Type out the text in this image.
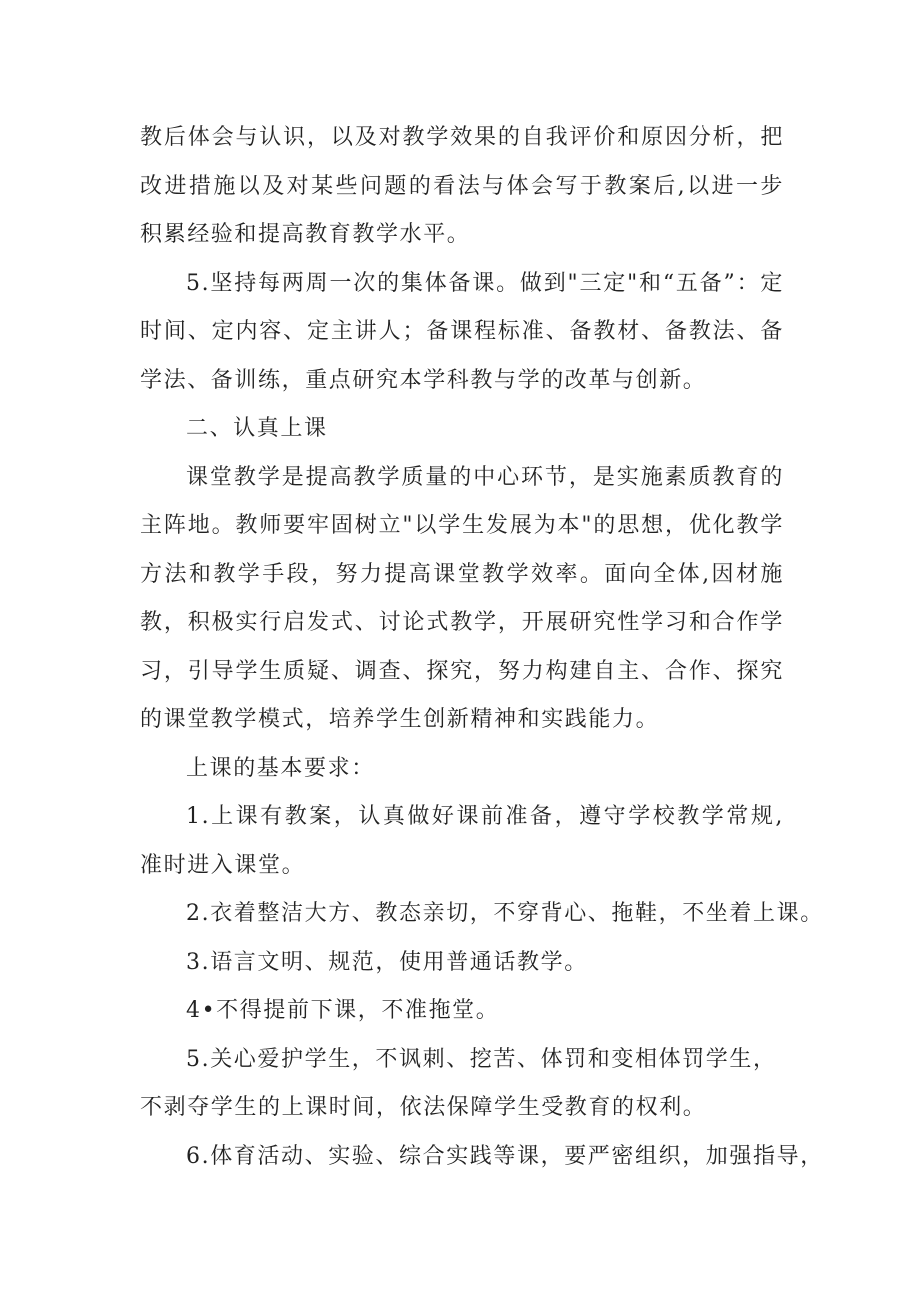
教后体会与认识，以及对教学效果的自我评价和原因分析，把改进措施以及对某些问题的看法与体会写于教案后,以进一步积累经验和提高教育教学水平。

5.坚持每两周一次的集体备课。做到"三定"和“五备”：定时间、定内容、定主讲人；备课程标准、备教材、备教法、备学法、备训练，重点研究本学科教与学的改革与创新。

二、认真上课

课堂教学是提高教学质量的中心环节，是实施素质教育的主阵地。教师要牢固树立"以学生发展为本"的思想，优化教学方法和教学手段，努力提高课堂教学效率。面向全体,因材施教，积极实行启发式、讨论式教学，开展研究性学习和合作学习，引导学生质疑、调查、探究，努力构建自主、合作、探究的课堂教学模式，培养学生创新精神和实践能力。

上课的基本要求：

1.上课有教案，认真做好课前准备，遵守学校教学常规,准时进入课堂。

2.衣着整洁大方、教态亲切，不穿背心、拖鞋，不坐着上课。

3.语言文明、规范，使用普通话教学。

4•不得提前下课，不准拖堂。

5.关心爱护学生，不讽刺、挖苦、体罚和变相体罚学生，

不剥夺学生的上课时间，依法保障学生受教育的权利。

6.体育活动、实验、综合实践等课，要严密组织，加强指导，
